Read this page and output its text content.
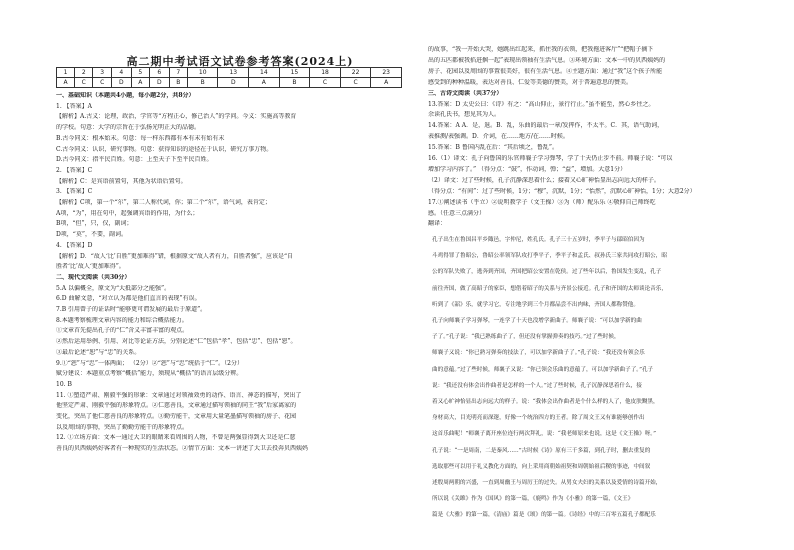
高二期中考试语文试卷参考答案(2024上)
1	2	3	4	5	6	7	10	13	14	15	18	22	23
A	C	C	D	A	D	B	B	D	A	B	C	C	A
一、基础知识（本题共4小题，每小题2分，共8分）
1. 【答案】A
【解析】A.古义：论理，政治，学官等“方程正心，修己治人”的学问。今义：实施高等教育
的学校。句意：大学的宗旨在于弘扬光明正大的品德。
B.古今同义：根本始末。句意：每一样东西都有本有末有始有末
C.古今同义：认识，研究事物。句意：获得知识的途径在于认识，研究万事万物。
D.古今同义：指平民百姓。句意：上至天子下至平民百姓。
2. 【答案】C
【解析】C：是宾语前置句，其他为状语后置句。
3. 【答案】C
【解析】C项，第一个“尔”，第二人称代词，你；第二个“尔”，语气词，表肯定；
A项，“为”，用在句中，起强调宾语的作用，为什么；
B项，“但”，只，仅，副词；
D项，“莫”，不要，副词。
4. 【答案】D
【解析】D．“故人‘比’自胜”更加难得”错，根据原文“故人者有力，自胜者强”，应该是“自
胜者‘比’故人‘更加难得”。
二、现代文阅读（共30分）
5.A 以偏概全，原文为“大抵部分之能强”。
6.D 曲解文意，“对立认为都是他们直言的表现”有误。
7.B 引用曾子的证话时“能够更可谓发展的最后于原道”。
8.本题考察梳理文章内容的能力和综合概括能力。
①文章首先提出孔子的“仁”含义丰富丰富的观点。
②然后运用举例、引用、对比等论证方法，分别论述“仁”包括“孝”、包括“忠”、包括“恕”。
③最后论述“恕”与“忠”的关系。
9.①“恕”与“忠”一体两面； （2分）②“恕”与“忠”统括于“仁”。（2分）
赋分建议：本题重点考察“概括”能力，须现从“概括”的语言层级分辨。
10. B
11. ①塑造严肃、刚毅平强的形象：文章通过对领袖效勇的动作、语言、神态的描写，突出了
他坚定严肃、刚毅平强的形象特点。②仁慈善良，文章通过描写领袖的同王“我”后家离家的
变化，突出了他仁慈善良的形象特点。③勤劳能干，文章用大量笔墨描写领袖的房子、花园
以及周围的事物，突出了勤勤劳能干的形象特点。
12. ①立场方面：文本一通过大卫的眼睛来看周围的人物，不曾是两强显得到大卫还是仁慈
善良的贝西姨妈好客者有一种现实的生活状态。②情节方面：文本一讲述了大卫去投奔贝西姨妈
的故事，“我一开始大哭，她跳出红起来，抓住我的衣领，把我拖进客厅”“把帽子摘下
出的五匹都被我掐进掴一起”表现出领袖有生活气息。③环境方面：文本一中的贝西姨妈的
房子、花园以及周围的事置很美好，很有生活气息。④主题方面：通过“我”这个孩子所能
感受到的种种温暖，表达对善良、仁爱等美德的赞美，对于普遍意思的赞美。
三、古诗文阅读（共37分）
13.答案：D 太史公曰：《诗》有之：“高山仰止，景行行止。”虽不能至，然心乡往之。
余读孔氏书，想见其为人。
14.答案：A A．是，退。B．乱，乐曲的最后一章/发挥作，不太平。C．其，语气助词，
表推测/表强调。D．介词，在……地方/在……时候。
15.答案：B 鲁国内乱在后：“其后顷之，鲁乱”。
16.（1）译文：孔子向鲁国的乐官师襄子学习弹琴，学了十天仍止步不前。师襄子说：“可以
增加学习内容了。” （得分点：“鼓”，作动词，弹；“益”，增加。大意1分）
（2）译文：过了些时候，孔子沉静深思着什么；接着又心旷神怡显出志向远大的样子。
（得分点：“有间”：过了些时候，1分；“穆”，沉默，1分；“怡然”，沉默心旷神怡，1分；大意2分）
17.①阐述读书（乎立）②说明教学子（文王操）③为（师）配乐乐 ④敬仰自己师终吃
感。（任意三点满分）
翻译：
孔子出生在鲁国昌平乡陬邑，字仲尼，姓孔氏。孔子三十五岁时，季平子与郈昭伯因为
斗鸡得罪了鲁昭公，鲁昭公率领军队攻打季平子，季平子和孟氏、叔孙氏三家共同攻打昭公，昭
公的军队失败了，逃奔到齐国，齐国把昭公安置在乾侯。过了些年以后，鲁国发生变乱，孔子
前往齐国，做了高昭子的家臣，想借着昭子的关系与齐景公接近。孔子和齐国的太师谈论音乐，
听到了《韶》乐，就学习它，专注地学到三个月都品尝不出肉味，齐国人都称赞他。
孔子向师襄子学习弹琴，一连学了十天也没增学新曲子。师襄子说：“可以加学新的曲
子了。”孔子说：“我已熟练曲子了，但还没有掌握弹奏的技巧。”过了些时候，
师襄子又说：“你已熟习弹奏的技法了，可以加学新曲子了。”孔子说：“我还没有领会乐
曲的意蕴。”过了些时候，师襄子又说：“你已领会乐曲的意蕴了，可以加学新曲子了。”孔子
说：“我还没有体会出作曲者是怎样的一个人。”过了些时候，孔子沉静深思着什么，接
着又心旷神怡显出志向远大的样子。说：“我体会出作曲者是个什么样的人了，他皮肤黝黑，
身材高大，目光明亮而深邃，好像一个统治四方的王者。除了周文王又有谁能够创作出
这首乐曲呢！”师襄子离开座位连行两次拜礼，说：“我老师原来也说，这是《文王操》呀。”
孔子说：“一是周南，二是秦风……”古时候《诗》原有三千多篇，到孔子时，删去重复的
选取那些可以用于礼义教化方面的，向上采用商朝始祖契和周朝始祖后稷的事迹，中间叙
述殷周两朝的兴盛，一直到周幽王与周厉王的过失。从男女夫妇的关系以及爱情的诗篇开始，
所以说《关雎》作为《国风》的第一篇，《鹿鸣》作为《小雅》的第一篇，《文王》
篇是《大雅》的第一篇，《清庙》篇是《颂》的第一篇。《诗经》中的三百零五篇孔子都配乐
